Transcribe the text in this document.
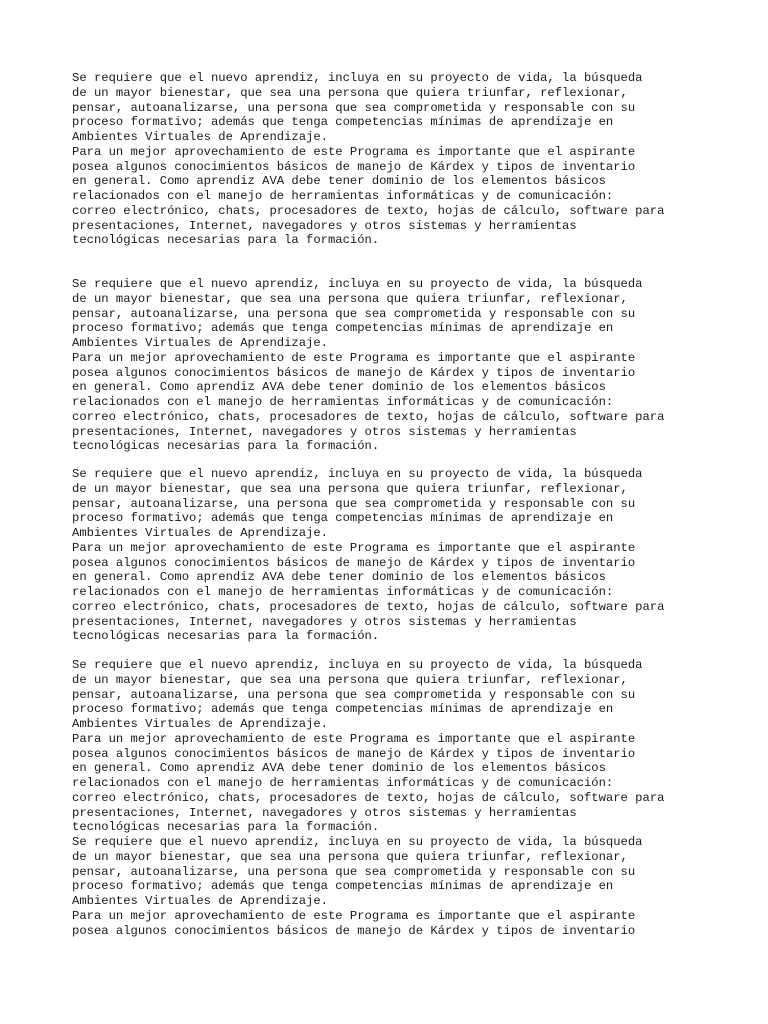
Se requiere que el nuevo aprendiz, incluya en su proyecto de vida, la búsqueda
de un mayor bienestar, que sea una persona que quiera triunfar, reflexionar,
pensar, autoanalizarse, una persona que sea comprometida y responsable con su
proceso formativo; además que tenga competencias mínimas de aprendizaje en
Ambientes Virtuales de Aprendizaje.
Para un mejor aprovechamiento de este Programa es importante que el aspirante
posea algunos conocimientos básicos de manejo de Kárdex y tipos de inventario
en general. Como aprendiz AVA debe tener dominio de los elementos básicos
relacionados con el manejo de herramientas informáticas y de comunicación:
correo electrónico, chats, procesadores de texto, hojas de cálculo, software para
presentaciones, Internet, navegadores y otros sistemas y herramientas
tecnológicas necesarias para la formación.
Se requiere que el nuevo aprendiz, incluya en su proyecto de vida, la búsqueda
de un mayor bienestar, que sea una persona que quiera triunfar, reflexionar,
pensar, autoanalizarse, una persona que sea comprometida y responsable con su
proceso formativo; además que tenga competencias mínimas de aprendizaje en
Ambientes Virtuales de Aprendizaje.
Para un mejor aprovechamiento de este Programa es importante que el aspirante
posea algunos conocimientos básicos de manejo de Kárdex y tipos de inventario
en general. Como aprendiz AVA debe tener dominio de los elementos básicos
relacionados con el manejo de herramientas informáticas y de comunicación:
correo electrónico, chats, procesadores de texto, hojas de cálculo, software para
presentaciones, Internet, navegadores y otros sistemas y herramientas
tecnológicas necesarias para la formación.
Se requiere que el nuevo aprendiz, incluya en su proyecto de vida, la búsqueda
de un mayor bienestar, que sea una persona que quiera triunfar, reflexionar,
pensar, autoanalizarse, una persona que sea comprometida y responsable con su
proceso formativo; además que tenga competencias mínimas de aprendizaje en
Ambientes Virtuales de Aprendizaje.
Para un mejor aprovechamiento de este Programa es importante que el aspirante
posea algunos conocimientos básicos de manejo de Kárdex y tipos de inventario
en general. Como aprendiz AVA debe tener dominio de los elementos básicos
relacionados con el manejo de herramientas informáticas y de comunicación:
correo electrónico, chats, procesadores de texto, hojas de cálculo, software para
presentaciones, Internet, navegadores y otros sistemas y herramientas
tecnológicas necesarias para la formación.
Se requiere que el nuevo aprendiz, incluya en su proyecto de vida, la búsqueda
de un mayor bienestar, que sea una persona que quiera triunfar, reflexionar,
pensar, autoanalizarse, una persona que sea comprometida y responsable con su
proceso formativo; además que tenga competencias mínimas de aprendizaje en
Ambientes Virtuales de Aprendizaje.
Para un mejor aprovechamiento de este Programa es importante que el aspirante
posea algunos conocimientos básicos de manejo de Kárdex y tipos de inventario
en general. Como aprendiz AVA debe tener dominio de los elementos básicos
relacionados con el manejo de herramientas informáticas y de comunicación:
correo electrónico, chats, procesadores de texto, hojas de cálculo, software para
presentaciones, Internet, navegadores y otros sistemas y herramientas
tecnológicas necesarias para la formación.
Se requiere que el nuevo aprendiz, incluya en su proyecto de vida, la búsqueda
de un mayor bienestar, que sea una persona que quiera triunfar, reflexionar,
pensar, autoanalizarse, una persona que sea comprometida y responsable con su
proceso formativo; además que tenga competencias mínimas de aprendizaje en
Ambientes Virtuales de Aprendizaje.
Para un mejor aprovechamiento de este Programa es importante que el aspirante
posea algunos conocimientos básicos de manejo de Kárdex y tipos de inventario
